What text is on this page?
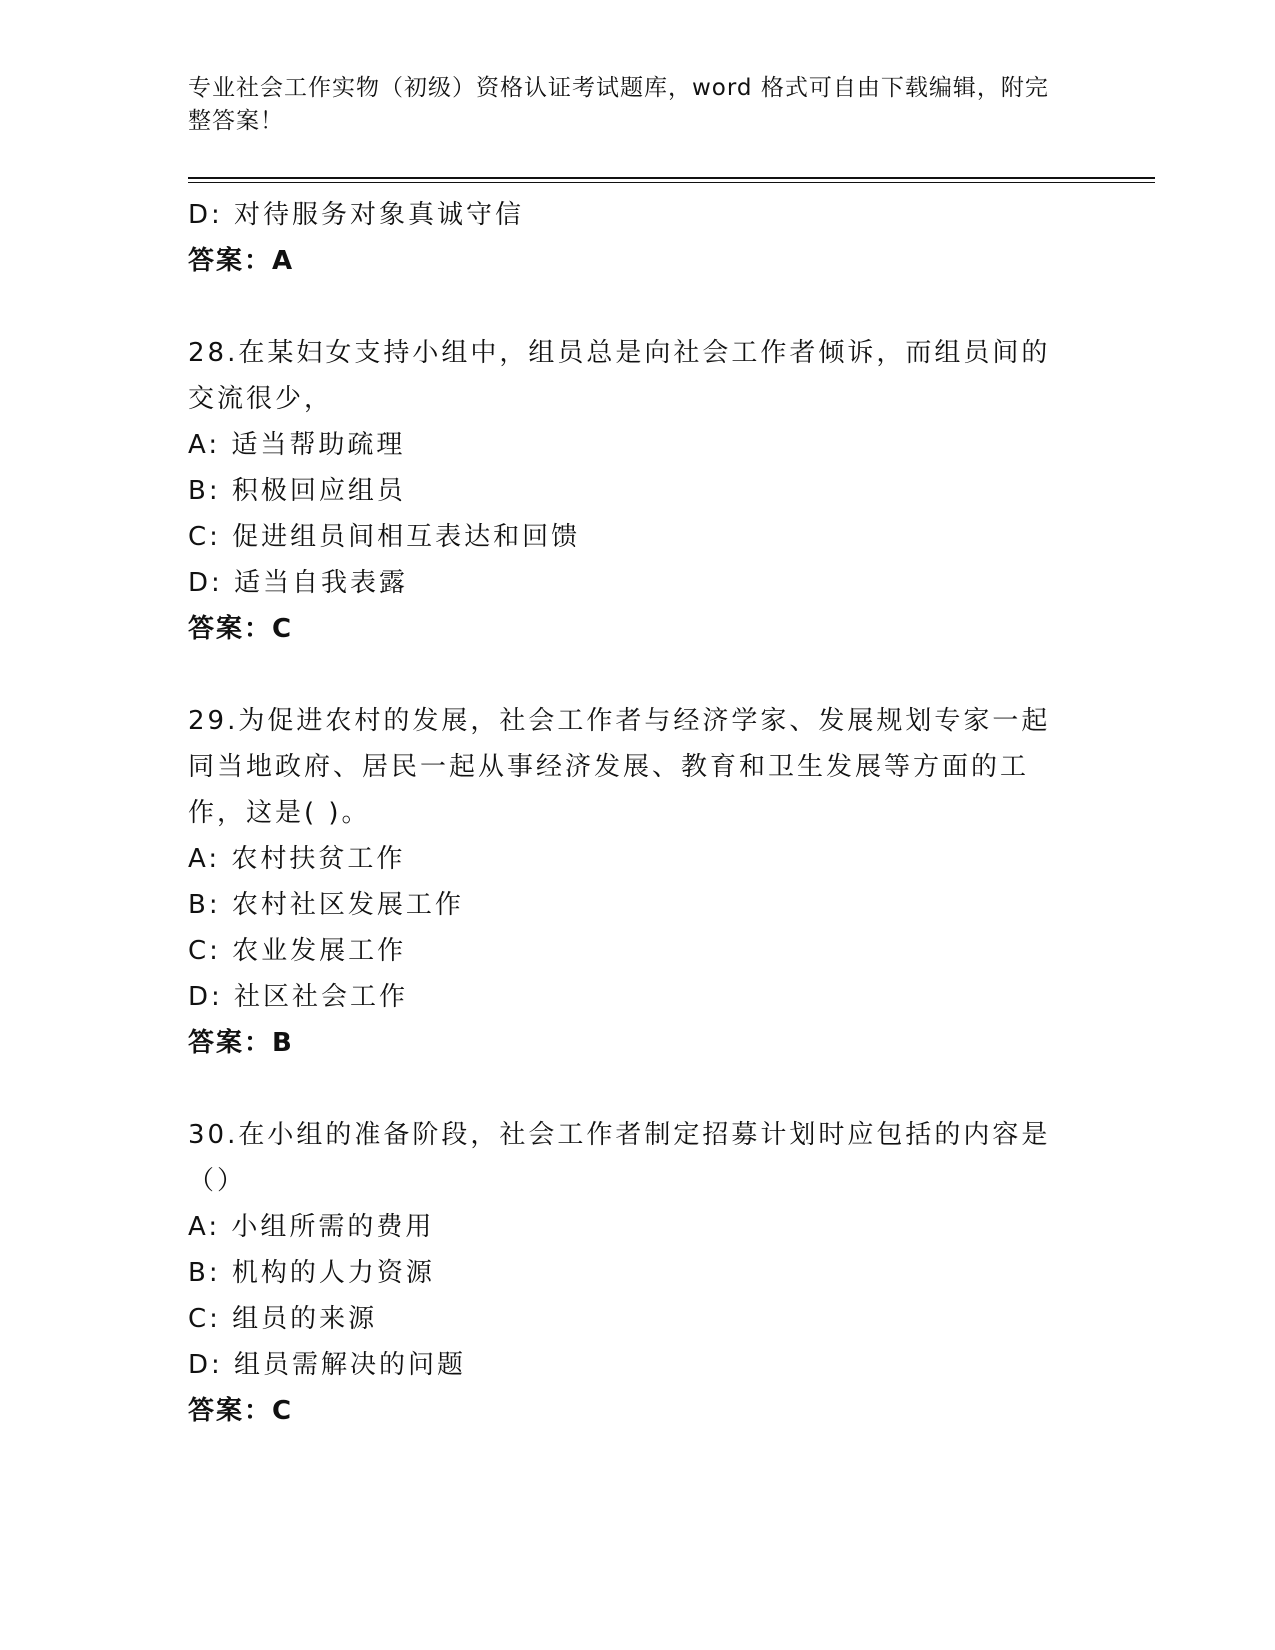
专业社会工作实物（初级）资格认证考试题库，word 格式可自由下载编辑，附完整答案！
D: 对待服务对象真诚守信
答案：A
28.在某妇女支持小组中，组员总是向社会工作者倾诉，而组员间的交流很少，
A: 适当帮助疏理
B: 积极回应组员
C: 促进组员间相互表达和回馈
D: 适当自我表露
答案：C
29.为促进农村的发展，社会工作者与经济学家、发展规划专家一起同当地政府、居民一起从事经济发展、教育和卫生发展等方面的工作，这是( )。
A: 农村扶贫工作
B: 农村社区发展工作
C: 农业发展工作
D: 社区社会工作
答案：B
30.在小组的准备阶段，社会工作者制定招募计划时应包括的内容是（）
A: 小组所需的费用
B: 机构的人力资源
C: 组员的来源
D: 组员需解决的问题
答案：C
